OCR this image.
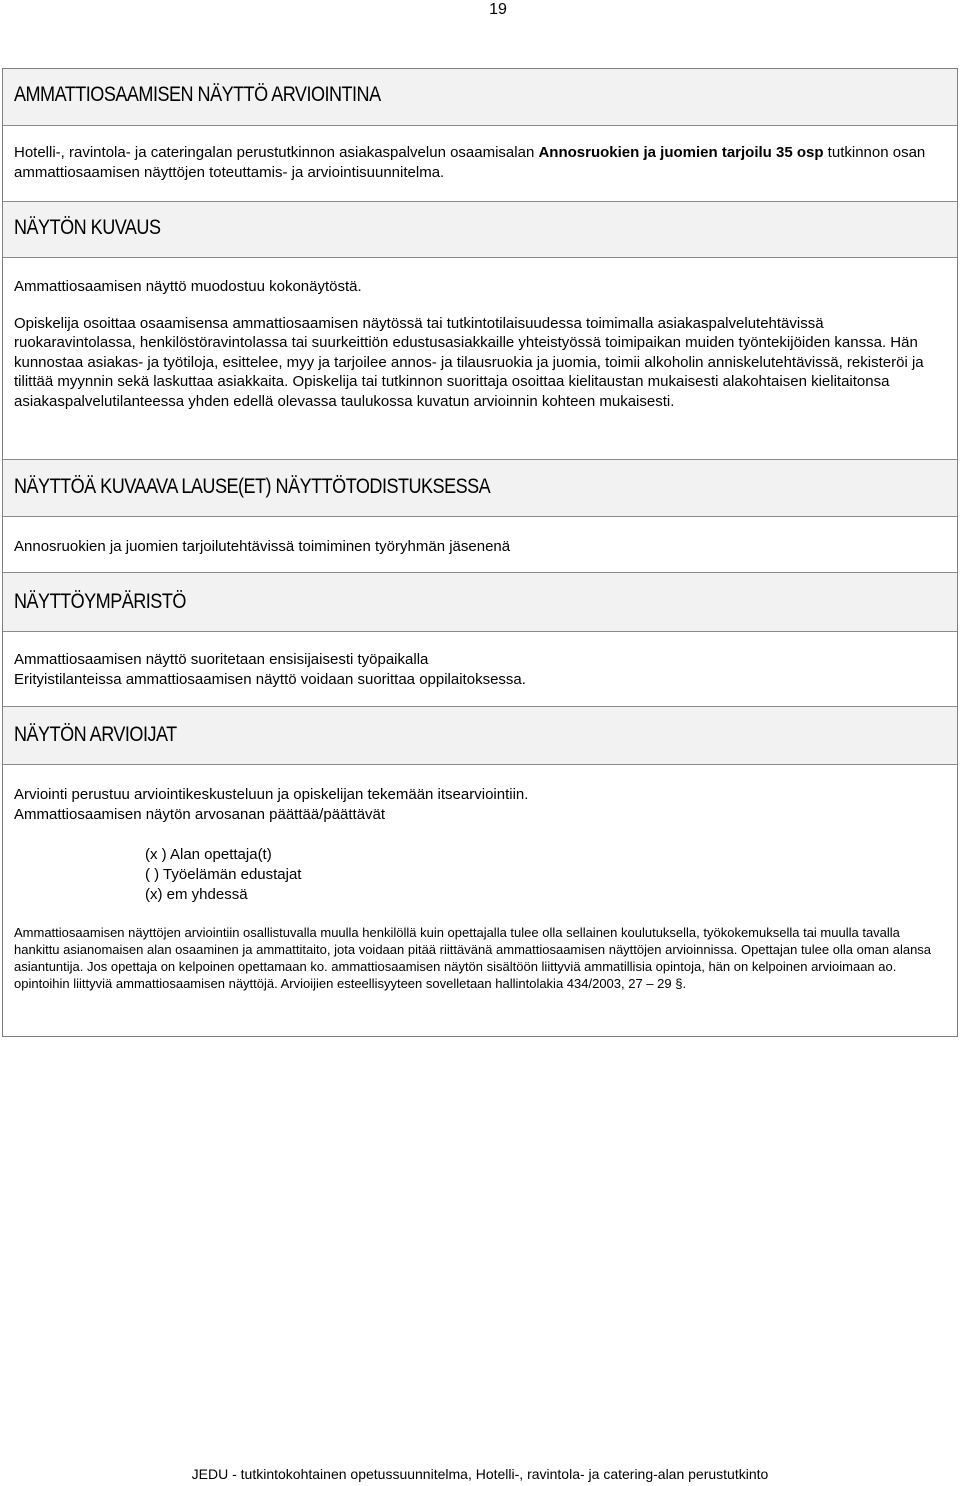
19
AMMATTIOSAAMISEN NÄYTTÖ ARVIOINTINA
Hotelli-, ravintola- ja cateringalan perustutkinnon asiakaspalvelun osaamisalan Annosruokien ja juomien tarjoilu 35 osp tutkinnon osan ammattiosaamisen näyttöjen toteuttamis- ja arviointisuunnitelma.
NÄYTÖN KUVAUS

Ammattiosaamisen näyttö muodostuu kokonäytöstä.

Opiskelija osoittaa osaamisensa ammattiosaamisen näytössä tai tutkintotilaisuudessa toimimalla asiakaspalvelutehtävissä ruokaravintolassa, henkilöstöravintolassa tai suurkeittiön edustusasiakkaille yhteistyössä toimipaikan muiden työntekijöiden kanssa. Hän kunnostaa asiakas- ja työtiloja, esittelee, myy ja tarjoilee annos- ja tilausruokia ja juomia, toimii alkoholin anniskelutehtävissä, rekisteröi ja tilittää myynnin sekä laskuttaa asiakkaita. Opiskelija tai tutkinnon suorittaja osoittaa kielitaustan mukaisesti alakohtaisen kielitaitonsa asiakaspalvelutilanteessa yhden edellä olevassa taulukossa kuvatun arvioinnin kohteen mukaisesti.

NÄYTTÖÄ KUVAAVA LAUSE(ET) NÄYTTÖTODISTUKSESSA
Annosruokien ja juomien tarjoilutehtävissä toimiminen työryhmän jäsenenä
NÄYTTÖYMPÄRISTÖ

Ammattiosaamisen näyttö suoritetaan ensisijaisesti työpaikalla

Erityistilanteissa ammattiosaamisen näyttö voidaan suorittaa oppilaitoksessa.

NÄYTÖN ARVIOIJAT

Arviointi perustuu arviointikeskusteluun ja opiskelijan tekemään itsearviointiin.

Ammattiosaamisen näytön arvosanan päättää/päättävät

(x ) Alan opettaja(t)
( ) Työelämän edustajat
(x) em yhdessä

Ammattiosaamisen näyttöjen arviointiin osallistuvalla muulla henkilöllä kuin opettajalla tulee olla sellainen koulutuksella, työkokemuksella tai muulla tavalla hankittu asianomaisen alan osaaminen ja ammattitaito, jota voidaan pitää riittävänä ammattiosaamisen näyttöjen arvioinnissa. Opettajan tulee olla oman alansa asiantuntija. Jos opettaja on kelpoinen opettamaan ko. ammattiosaamisen näytön sisältöön liittyviä ammatillisia opintoja, hän on kelpoinen arvioimaan ao. opintoihin liittyviä ammattiosaamisen näyttöjä. Arvioijien esteellisyyteen sovelletaan hallintolakia 434/2003, 27 – 29 §.

JEDU - tutkintokohtainen opetussuunnitelma, Hotelli-, ravintola- ja catering-alan perustutkinto
